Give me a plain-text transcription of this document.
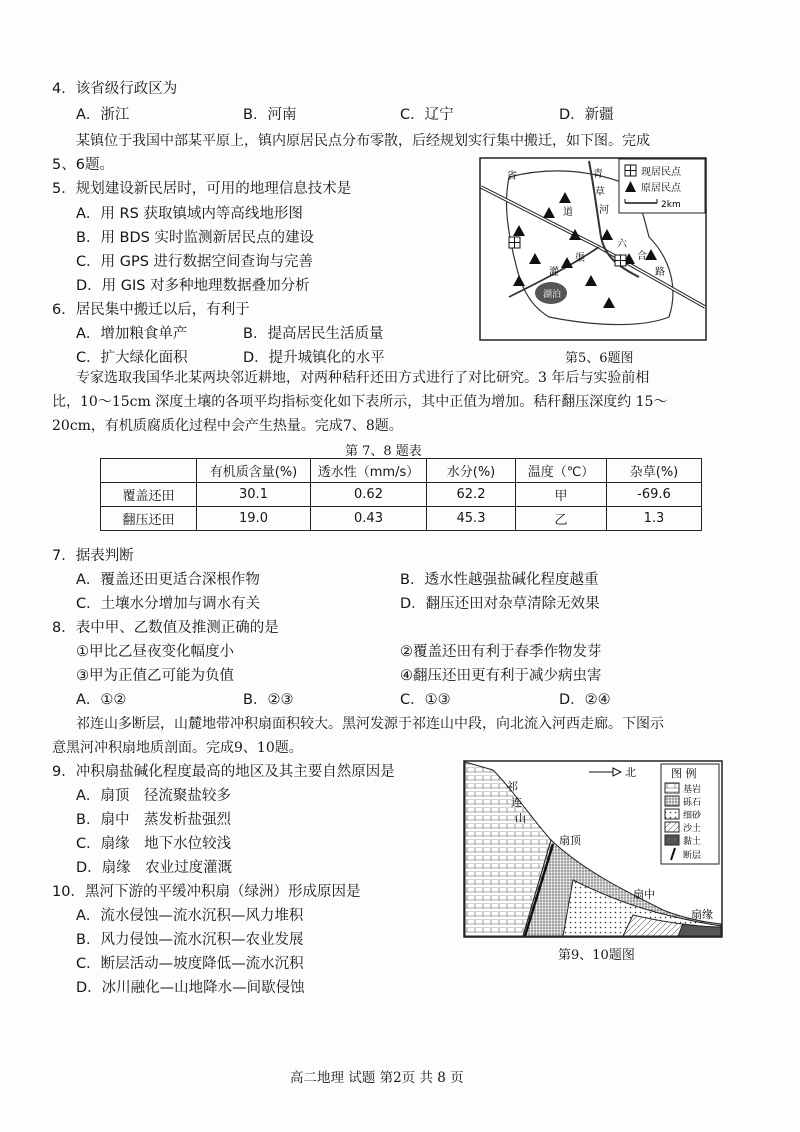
4．该省级行政区为
A．浙江	B．河南	C．辽宁	D．新疆
某镇位于我国中部某平原上，镇内原居民点分布零散，后经规划实行集中搬迁，如下图。完成
5、6题。
5．规划建设新民居时，可用的地理信息技术是
A．用 RS 获取镇域内等高线地形图
B．用 BDS 实时监测新居民点的建设
C．用 GPS 进行数据空间查询与完善
D．用 GIS 对多种地理数据叠加分析
6．居民集中搬迁以后，有利于
A．增加粮食单产	B．提高居民生活质量
C．扩大绿化面积	D．提升城镇化的水平
湖泊
省
道
青
草
河
灌
渠
六
合
路
现居民点
原居民点
2km
第5、6题图
专家选取我国华北某两块邻近耕地，对两种秸秆还田方式进行了对比研究。3 年后与实验前相
比，10～15cm 深度土壤的各项平均指标变化如下表所示，其中正值为增加。秸秆翻压深度约 15～
20cm，有机质腐质化过程中会产生热量。完成7、8题。
第 7、8 题表
	有机质含量(%)	透水性（mm/s）	水分(%)	温度（℃）	杂草(%)
覆盖还田	30.1	0.62	62.2	甲	-69.6
翻压还田	19.0	0.43	45.3	乙	1.3
7．据表判断
A．覆盖还田更适合深根作物	B．透水性越强盐碱化程度越重
C．土壤水分增加与调水有关	D．翻压还田对杂草清除无效果
8．表中甲、乙数值及推测正确的是
①甲比乙昼夜变化幅度小	②覆盖还田有利于春季作物发芽
③甲为正值乙可能为负值	④翻压还田更有利于减少病虫害
A．①②	B．②③	C．①③	D．②④
祁连山多断层，山麓地带冲积扇面积较大。黑河发源于祁连山中段，向北流入河西走廊。下图示
意黑河冲积扇地质剖面。完成9、10题。
9．冲积扇盐碱化程度最高的地区及其主要自然原因是
A．扇顶　径流聚盐较多
B．扇中　蒸发析盐强烈
C．扇缘　地下水位较浅
D．扇缘　农业过度灌溉
10．黑河下游的平缓冲积扇（绿洲）形成原因是
A．流水侵蚀—流水沉积—风力堆积
B．风力侵蚀—流水沉积—农业发展
C．断层活动—坡度降低—流水沉积
D．冰川融化—山地降水—间歇侵蚀
北
祁
连
山
扇顶
扇中
扇缘
图 例
基岩
砾石
细砂
沙土
黏土
断层
第9、10题图
高二地理 试题 第2页 共 8 页
